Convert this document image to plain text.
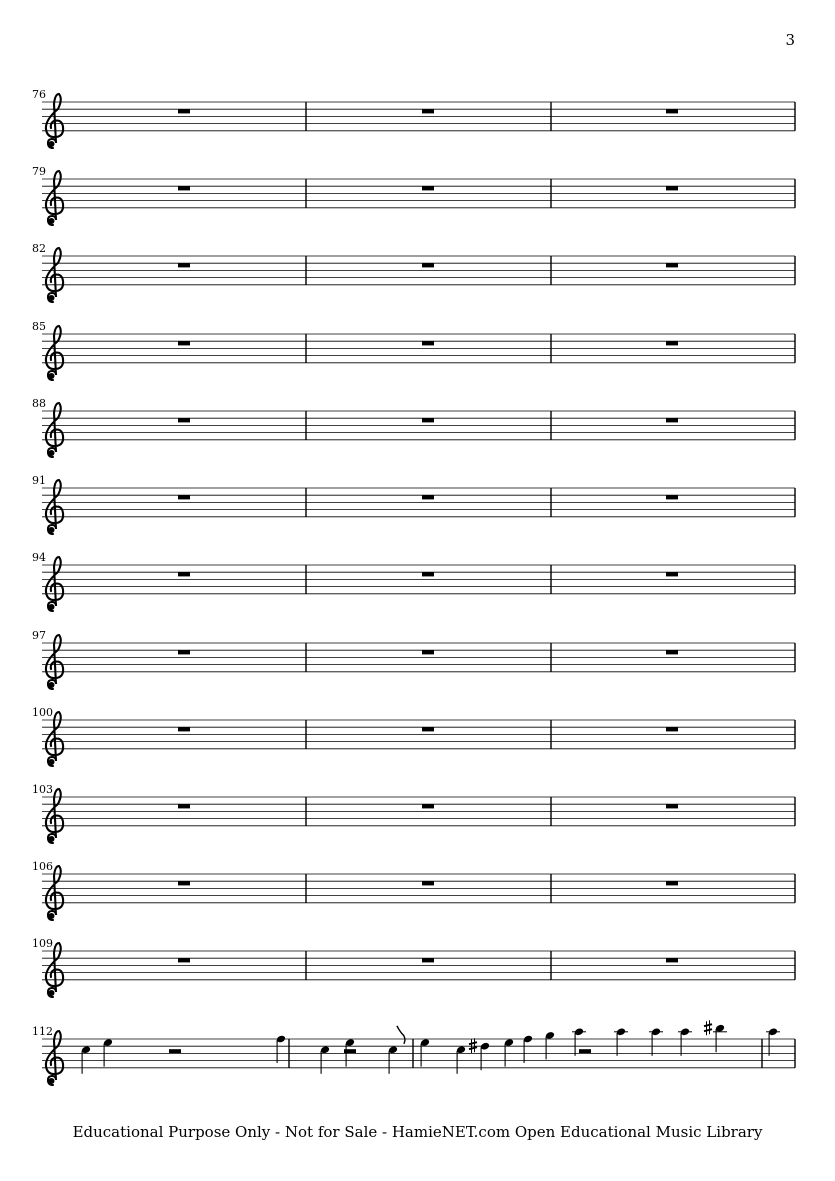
3
76
79
82
85
88
91
94
97
100
103
106
109
112
Educational Purpose Only - Not for Sale - HamieNET.com Open Educational Music Library
